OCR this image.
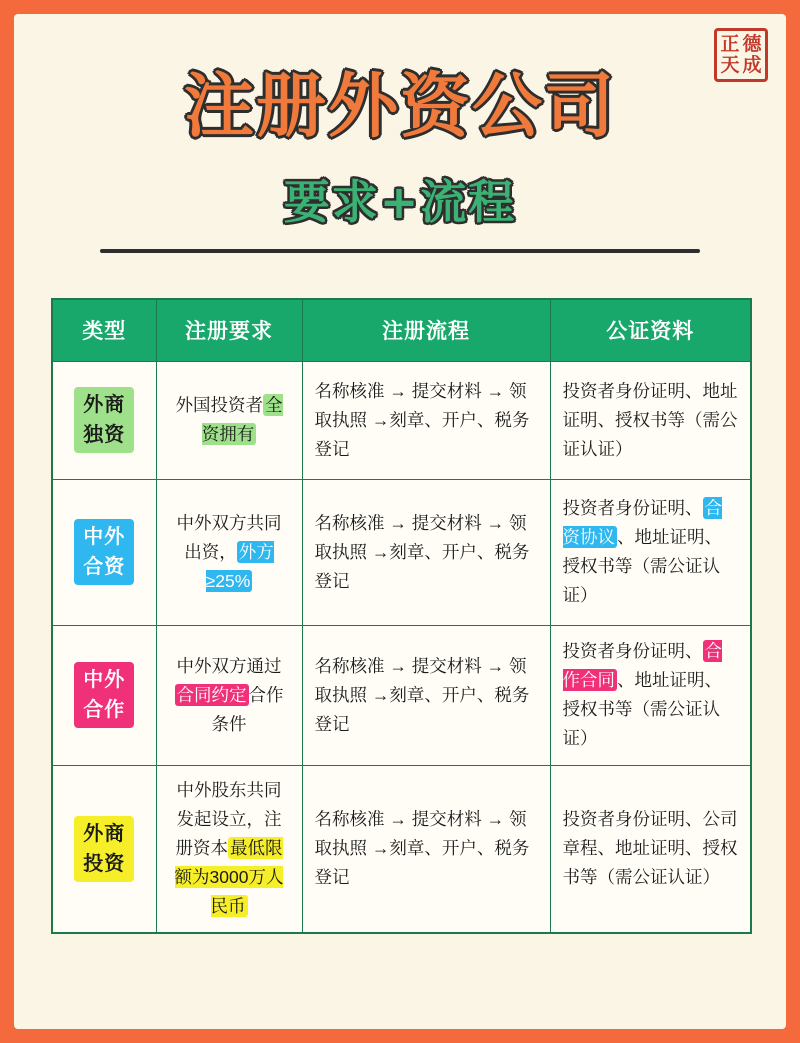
正 德
天 成
注册外资公司
要求+流程
类型	注册要求	注册流程	公证资料
外商
独资	外国投资者 全资拥有	名称核准 → 提交材料 → 领取执照 →刻章、开户、税务登记	投资者身份证明、地址证明、授权书等（需公证认证）
中外
合资	中外双方共同出资， 外方≥25%	名称核准 → 提交材料 → 领取执照 →刻章、开户、税务登记	投资者身份证明、 合资协议 、地址证明、授权书等（需公证认证）
中外
合作	中外双方通过合同约定 合作条件	名称核准 → 提交材料 → 领取执照 →刻章、开户、税务登记	投资者身份证明、 合作合同 、地址证明、授权书等（需公证认证）
外商
投资	中外股东共同发起设立，注册资本 最低限额为3000万人民币	名称核准 → 提交材料 → 领取执照 →刻章、开户、税务登记	投资者身份证明、公司章程、地址证明、授权书等（需公证认证）
